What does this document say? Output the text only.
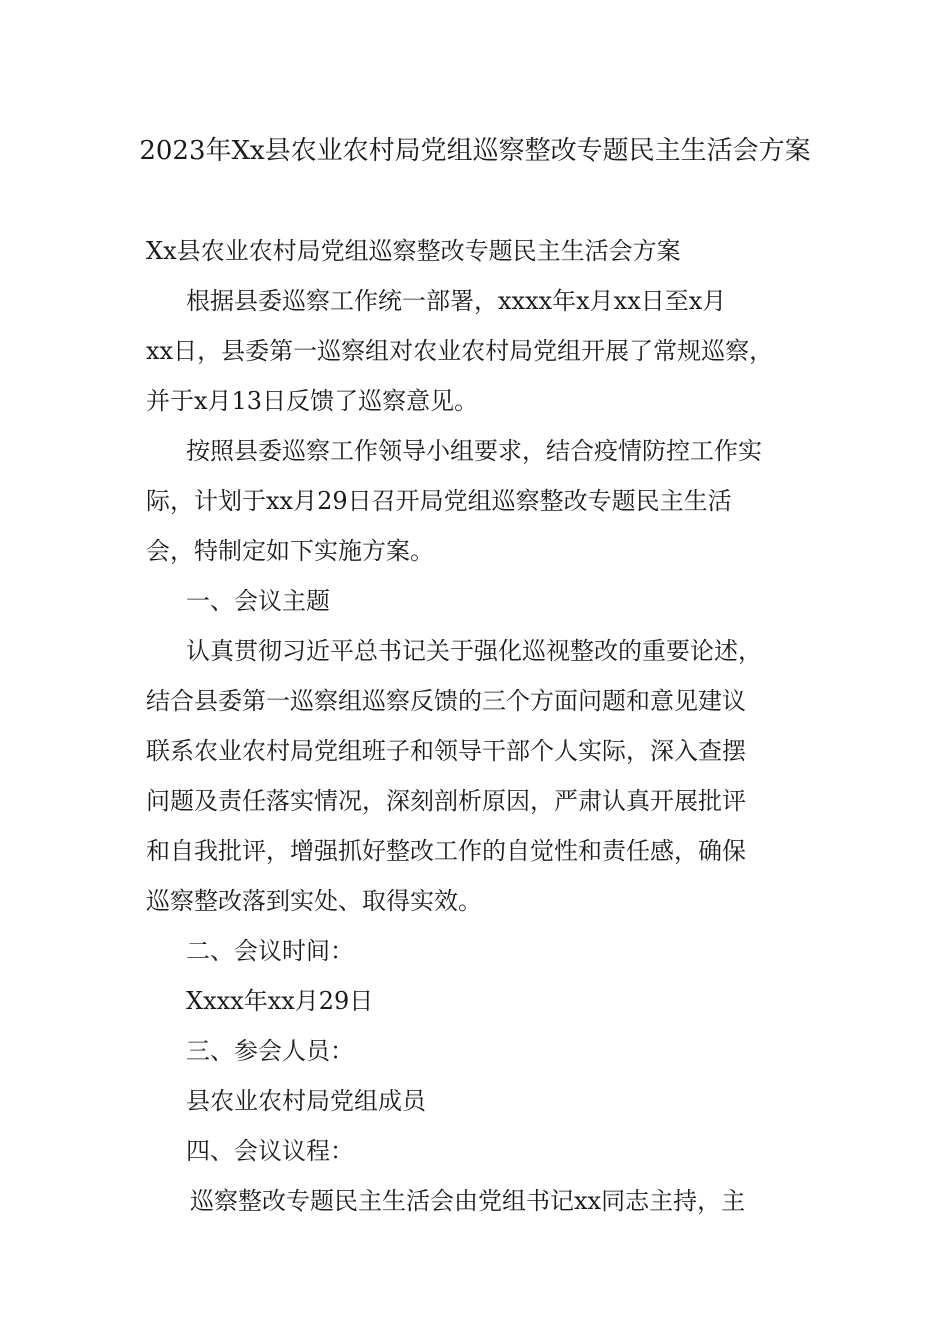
2023年Xx县农业农村局党组巡察整改专题民主生活会方案
Xx县农业农村局党组巡察整改专题民主生活会方案
根据县委巡察工作统一部署，xxxx年x月xx日至x月
xx日，县委第一巡察组对农业农村局党组开展了常规巡察，
并于x月13日反馈了巡察意见。
按照县委巡察工作领导小组要求，结合疫情防控工作实
际，计划于xx月29日召开局党组巡察整改专题民主生活
会，特制定如下实施方案。
一、会议主题
认真贯彻习近平总书记关于强化巡视整改的重要论述，
结合县委第一巡察组巡察反馈的三个方面问题和意见建议
联系农业农村局党组班子和领导干部个人实际，深入查摆
问题及责任落实情况，深刻剖析原因，严肃认真开展批评
和自我批评，增强抓好整改工作的自觉性和责任感，确保
巡察整改落到实处、取得实效。
二、会议时间：
Xxxx年xx月29日
三、参会人员：
县农业农村局党组成员
四、会议议程：
巡察整改专题民主生活会由党组书记xx同志主持，主
